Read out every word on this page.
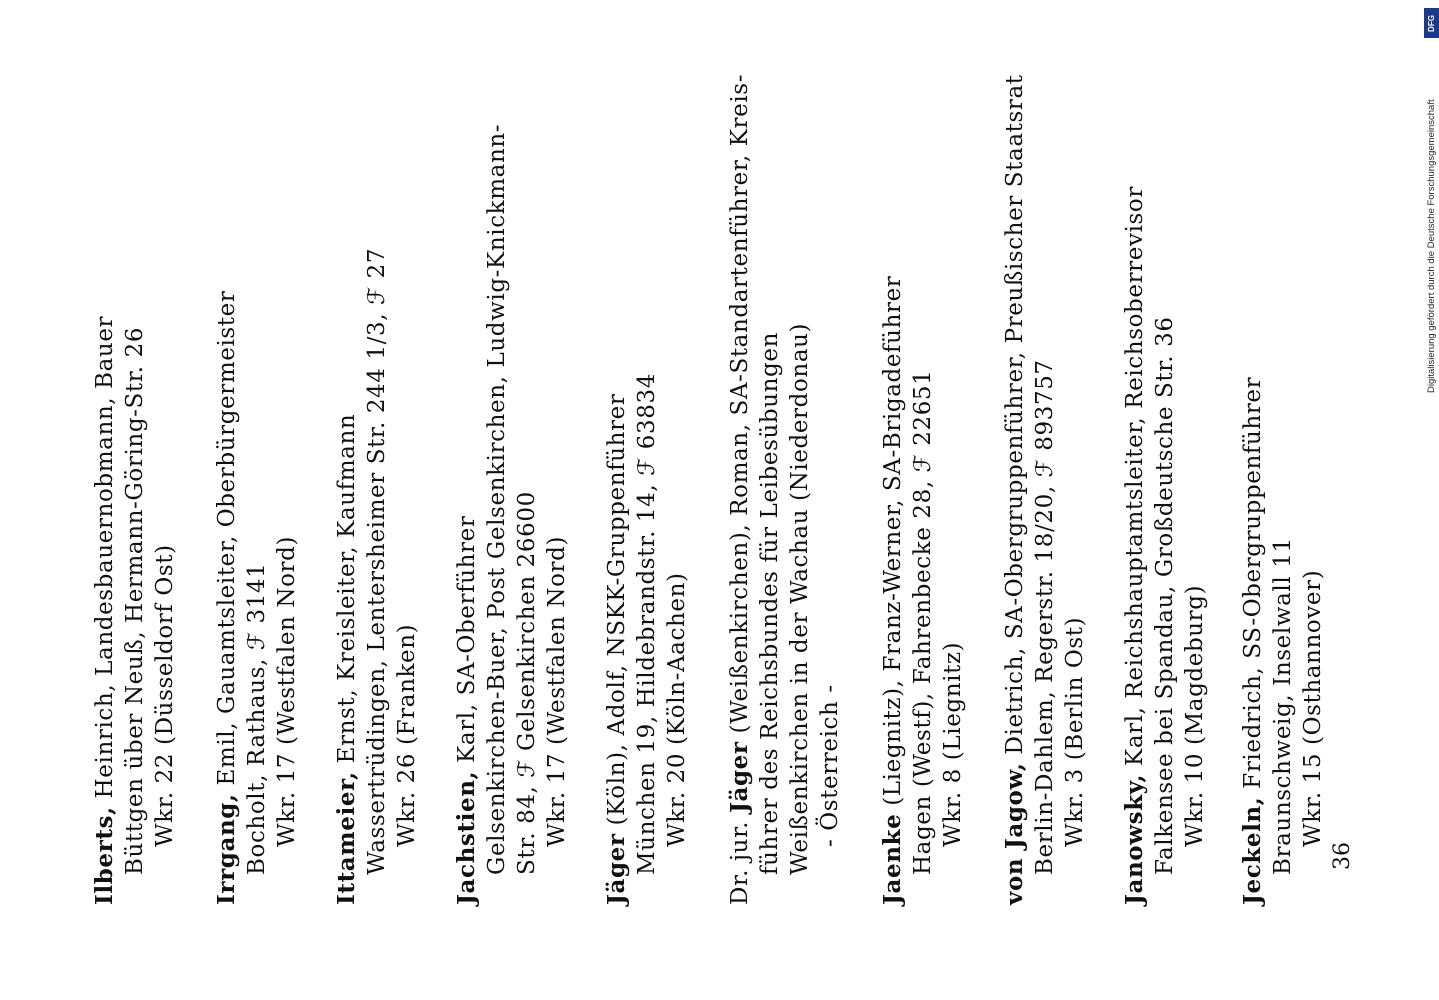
Ilberts, Heinrich, Landesbauernobmann, Bauer Büttgen über Neuß, Hermann-Göring-Str. 26 Wkr. 22 (Düsseldorf Ost)
Irrgang, Emil, Gauamtsleiter, Oberbürgermeister Bocholt, Rathaus, ℱ 3141 Wkr. 17 (Westfalen Nord) Ittameier, Ernst, Kreisleiter, Kaufmann Wassertrüdingen, Lentersheimer Str. 244 1/3, ℱ 27 Wkr. 26 (Franken) Jachstien, Karl, SA-Oberführer Gelsenkirchen-Buer, Post Gelsenkirchen, Ludwig-Knickmann- Str. 84, ℱ Gelsenkirchen 26600 Wkr. 17 (Westfalen Nord)
Jäger (Köln), Adolf, NSKK-Gruppenführer München 19, Hildebrandstr. 14, ℱ 63834 Wkr. 20 (Köln-Aachen)
Dr. jur. Jäger (Weißenkirchen), Roman, SA-Standartenführer, Kreis- führer des Reichsbundes für Leibesübungen Weißenkirchen in der Wachau (Niederdonau) - Österreich -
Jaenke (Liegnitz), Franz-Werner, SA-Brigadeführer Hagen (Westf), Fahrenbecke 28, ℱ 22651 Wkr. 8 (Liegnitz) von Jagow, Dietrich, SA-Obergruppenführer, Preußischer Staatsrat Berlin-Dahlem, Regerstr. 18/20, ℱ 893757 Wkr. 3 (Berlin Ost) Janowsky, Karl, Reichshauptamtsleiter, Reichsoberrevisor Falkensee bei Spandau, Großdeutsche Str. 36 Wkr. 10 (Magdeburg)
Jeckeln, Friedrich, SS-Obergruppenführer Braunschweig, Inselwall 11 Wkr. 15 (Osthannover)
36
DFG
Digitalisierung gefördert durch die Deutsche Forschungsgemeinschaft
